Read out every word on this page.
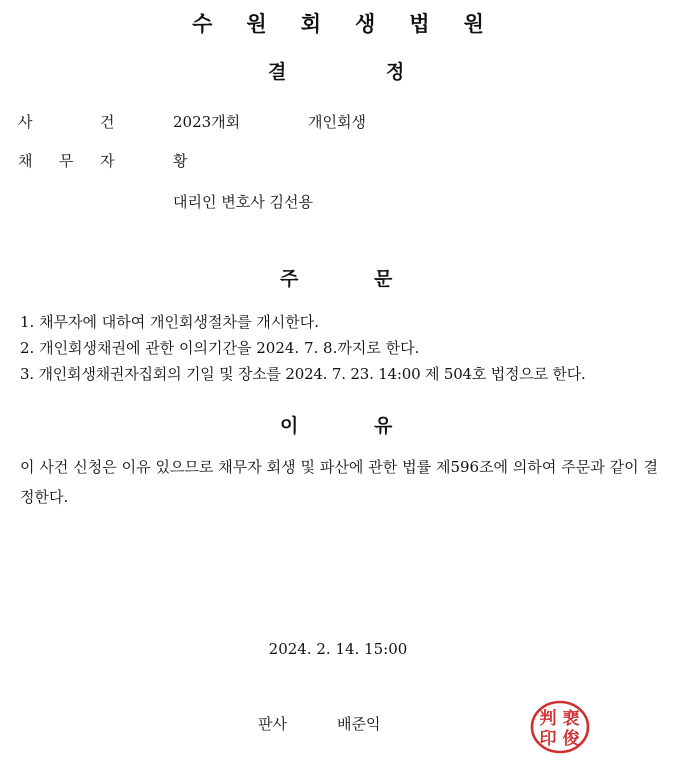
수 원 회 생 법 원
결	정
사	건	2023개회	개인회생
채 무 자	황
대리인 변호사 김선용
주	문
1. 채무자에 대하여 개인회생절차를 개시한다.
2. 개인회생채권에 관한 이의기간을 2024. 7. 8.까지로 한다.
3. 개인회생채권자집회의 기일 및 장소를 2024. 7. 23. 14:00 제 504호 법정으로 한다.
이	유
이 사건 신청은 이유 있으므로 채무자 회생 및 파산에 관한 법률 제596조에 의하여 주문과 같이 결정한다.
2024. 2. 14. 15:00
판사	배준익	判 裵
印 俊
